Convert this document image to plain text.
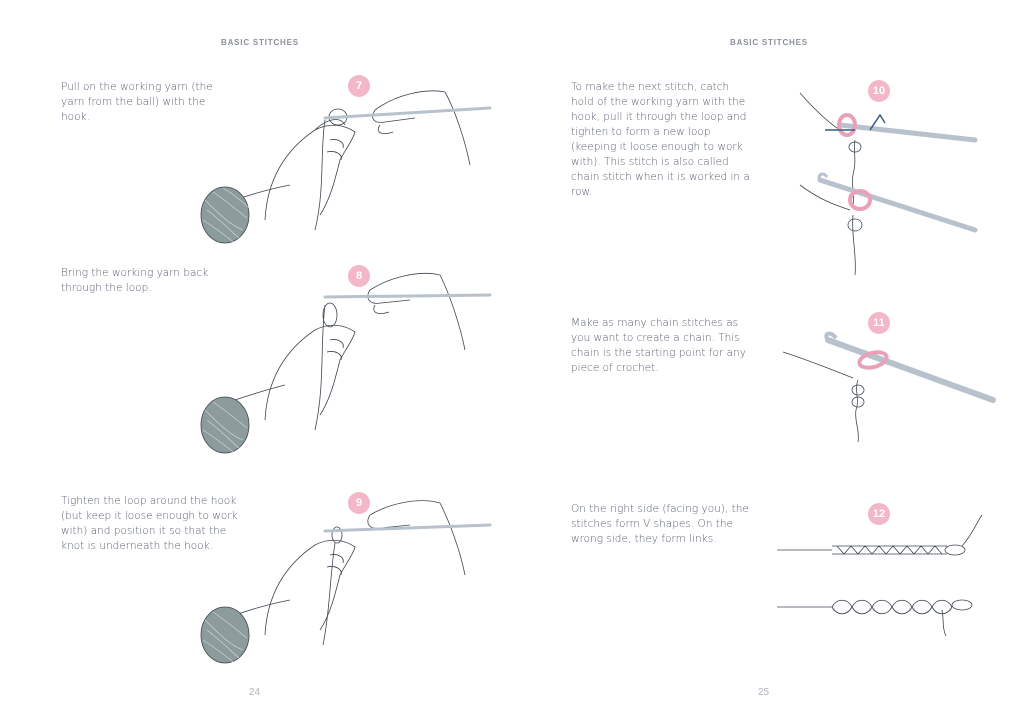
BASIC STITCHES
Pull on the working yarn (the yarn from the ball) with the hook.
7
Bring the working yarn back through the loop.
8
Tighten the loop around the hook (but keep it loose enough to work with) and position it so that the knot is underneath the hook.
9
24
BASIC STITCHES
To make the next stitch, catch hold of the working yarn with the hook, pull it through the loop and tighten to form a new loop (keeping it loose enough to work with). This stitch is also called chain stitch when it is worked in a row.
10
Make as many chain stitches as you want to create a chain. This chain is the starting point for any piece of crochet.
11
On the right side (facing you), the stitches form V shapes. On the wrong side, they form links.
12
25
